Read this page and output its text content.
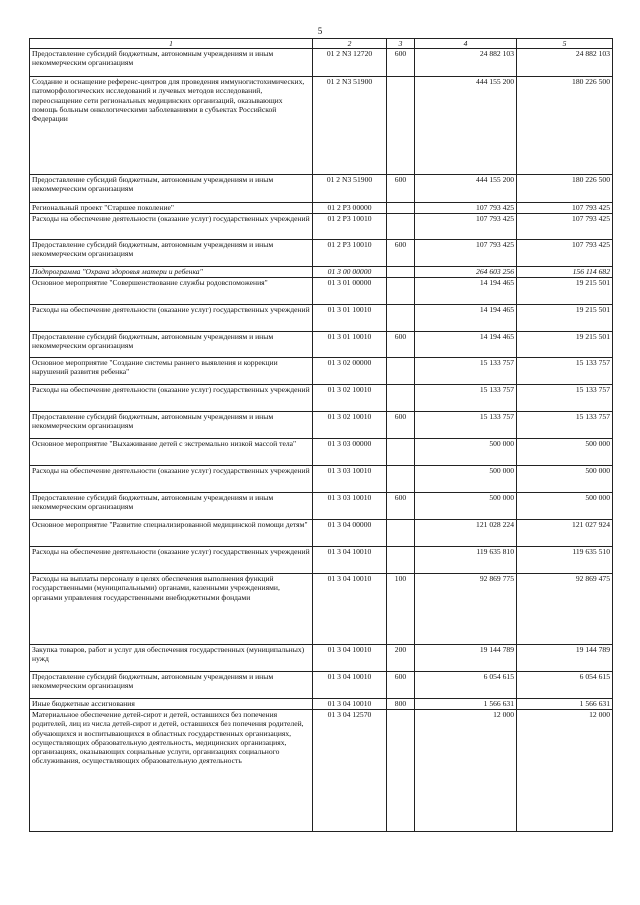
5
1	2	3	4	5
Предоставление субсидий бюджетным, автономным учреждениям и иным некоммерческим организациям	01 2 N3 12720	600	24 882 103	24 882 103
Создание и оснащение референс-центров для проведения иммуногистохимических, патоморфологических исследований и лучевых методов исследований, переоснащение сети региональных медицинских организаций, оказывающих помощь больным онкологическими заболеваниями в субъектах Российской Федерации	01 2 N3 51900		444 155 200	180 226 500
Предоставление субсидий бюджетным, автономным учреждениям и иным некоммерческим организациям	01 2 N3 51900	600	444 155 200	180 226 500
Региональный проект "Старшее поколение"	01 2 P3 00000		107 793 425	107 793 425
Расходы на обеспечение деятельности (оказание услуг) государственных учреждений	01 2 P3 10010		107 793 425	107 793 425
Предоставление субсидий бюджетным, автономным учреждениям и иным некоммерческим организациям	01 2 P3 10010	600	107 793 425	107 793 425
Подпрограмма "Охрана здоровья матери и ребенка"	01 3 00 00000		264 603 256	156 114 682
Основное мероприятие "Совершенствование службы родовспоможения"	01 3 01 00000		14 194 465	19 215 501
Расходы на обеспечение деятельности (оказание услуг) государственных учреждений	01 3 01 10010		14 194 465	19 215 501
Предоставление субсидий бюджетным, автономным учреждениям и иным некоммерческим организациям	01 3 01 10010	600	14 194 465	19 215 501
Основное мероприятие "Создание системы раннего выявления и коррекции нарушений развития ребенка"	01 3 02 00000		15 133 757	15 133 757
Расходы на обеспечение деятельности (оказание услуг) государственных учреждений	01 3 02 10010		15 133 757	15 133 757
Предоставление субсидий бюджетным, автономным учреждениям и иным некоммерческим организациям	01 3 02 10010	600	15 133 757	15 133 757
Основное мероприятие "Выхаживание детей с экстремально низкой массой тела"	01 3 03 00000		500 000	500 000
Расходы на обеспечение деятельности (оказание услуг) государственных учреждений	01 3 03 10010		500 000	500 000
Предоставление субсидий бюджетным, автономным учреждениям и иным некоммерческим организациям	01 3 03 10010	600	500 000	500 000
Основное мероприятие "Развитие специализированной медицинской помощи детям"	01 3 04 00000		121 028 224	121 027 924
Расходы на обеспечение деятельности (оказание услуг) государственных учреждений	01 3 04 10010		119 635 810	119 635 510
Расходы на выплаты персоналу в целях обеспечения выполнения функций государственными (муниципальными) органами, казенными учреждениями, органами управления государственными внебюджетными фондами	01 3 04 10010	100	92 869 775	92 869 475
Закупка товаров, работ и услуг для обеспечения государственных (муниципальных) нужд	01 3 04 10010	200	19 144 789	19 144 789
Предоставление субсидий бюджетным, автономным учреждениям и иным некоммерческим организациям	01 3 04 10010	600	6 054 615	6 054 615
Иные бюджетные ассигнования	01 3 04 10010	800	1 566 631	1 566 631
Материальное обеспечение детей-сирот и детей, оставшихся без попечения родителей, лиц из числа детей-сирот и детей, оставшихся без попечения родителей, обучающихся и воспитывающихся в областных государственных организациях, осуществляющих образовательную деятельность, медицинских организациях, организациях, оказывающих социальные услуги, организациях социального обслуживания, осуществляющих образовательную деятельность	01 3 04 12570		12 000	12 000
